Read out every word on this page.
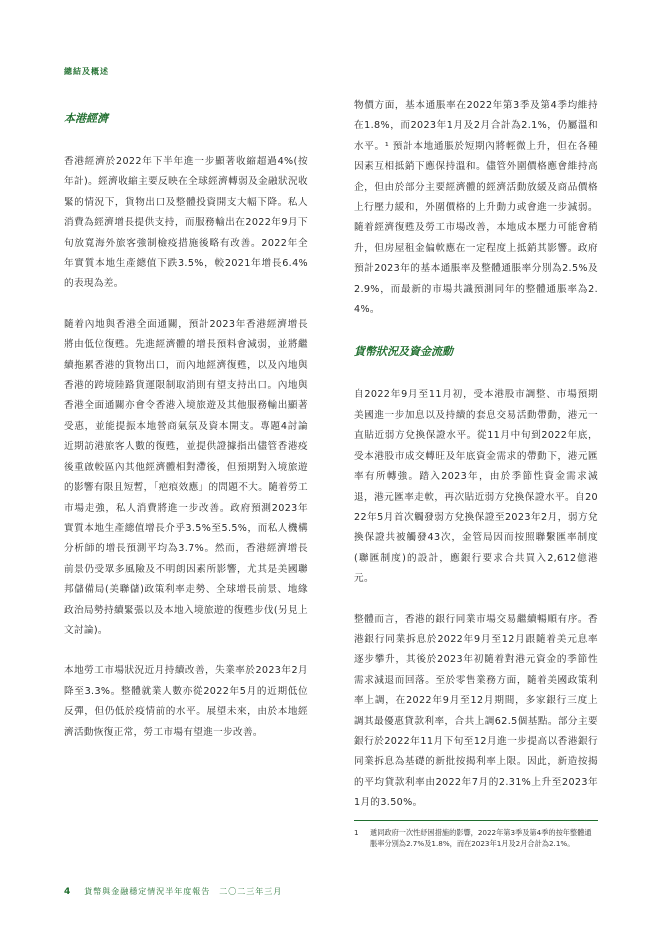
總結及概述
本港經濟

香港經濟於2022年下半年進一步顯著收縮超過4%(按年計)。經濟收縮主要反映在全球經濟轉弱及金融狀況收緊的情況下，貨物出口及整體投資開支大幅下降。私人消費為經濟增長提供支持，而服務輸出在2022年9月下旬放寬海外旅客強制檢疫措施後略有改善。2022年全年實質本地生產總值下跌3.5%，較2021年增長6.4%的表現為差。

隨着內地與香港全面通關，預計2023年香港經濟增長將由低位復甦。先進經濟體的增長預料會減弱，並將繼續拖累香港的貨物出口，而內地經濟復甦，以及內地與香港的跨境陸路貨運限制取消則有望支持出口。內地與香港全面通關亦會令香港入境旅遊及其他服務輸出顯著受惠，並能提振本地營商氣氛及資本開支。專題4討論近期訪港旅客人數的復甦，並提供證據指出儘管香港疫後重啟較區內其他經濟體相對滯後，但預期對入境旅遊的影響有限且短暫，「疤痕效應」的問題不大。隨着勞工市場走強，私人消費將進一步改善。政府預測2023年實質本地生產總值增長介乎3.5%至5.5%，而私人機構分析師的增長預測平均為3.7%。然而，香港經濟增長前景仍受眾多風險及不明朗因素所影響，尤其是美國聯邦儲備局(美聯儲)政策利率走勢、全球增長前景、地緣政治局勢持續緊張以及本地入境旅遊的復甦步伐(另見上文討論)。

本地勞工市場狀況近月持續改善，失業率於2023年2月降至3.3%。整體就業人數亦從2022年5月的近期低位反彈，但仍低於疫情前的水平。展望未來，由於本地經濟活動恢復正常，勞工市場有望進一步改善。

物價方面，基本通脹率在2022年第3季及第4季均維持在1.8%，而2023年1月及2月合計為2.1%，仍屬溫和水平。¹ 預計本地通脹於短期內將輕微上升，但在各種因素互相抵銷下應保持溫和。儘管外圍價格應會維持高企，但由於部分主要經濟體的經濟活動放緩及商品價格上行壓力緩和，外圍價格的上升動力或會進一步減弱。隨着經濟復甦及勞工市場改善，本地成本壓力可能會稍升，但房屋租金偏軟應在一定程度上抵銷其影響。政府預計2023年的基本通脹率及整體通脹率分別為2.5%及2.9%，而最新的市場共識預測同年的整體通脹率為2.4%。

貨幣狀況及資金流動

自2022年9月至11月初，受本港股市調整、市場預期美國進一步加息以及持續的套息交易活動帶動，港元一直貼近弱方兌換保證水平。從11月中旬到2022年底，受本港股市成交轉旺及年底資金需求的帶動下，港元匯率有所轉強。踏入2023年，由於季節性資金需求減退，港元匯率走軟，再次貼近弱方兌換保證水平。自2022年5月首次觸發弱方兌換保證至2023年2月，弱方兌換保證共被觸發43次，金管局因而按照聯繫匯率制度(聯匯制度)的設計，應銀行要求合共買入2,612億港元。

整體而言，香港的銀行同業市場交易繼續暢順有序。香港銀行同業拆息於2022年9月至12月跟隨着美元息率逐步攀升，其後於2023年初隨着對港元資金的季節性需求減退而回落。至於零售業務方面，隨着美國政策利率上調，在2022年9月至12月期間，多家銀行三度上調其最優惠貸款利率，合共上調62.5個基點。部分主要銀行於2022年11月下旬至12月進一步提高以香港銀行同業拆息為基礎的新批按揭利率上限。因此，新造按揭的平均貸款利率由2022年7月的2.31%上升至2023年1月的3.50%。

1	遞同政府一次性紓困措施的影響，2022年第3季及第4季的按年整體通脹率分別為2.7%及1.8%，而在2023年1月及2月合計為2.1%。
4 貨幣與金融穩定情況半年度報告　二〇二三年三月
